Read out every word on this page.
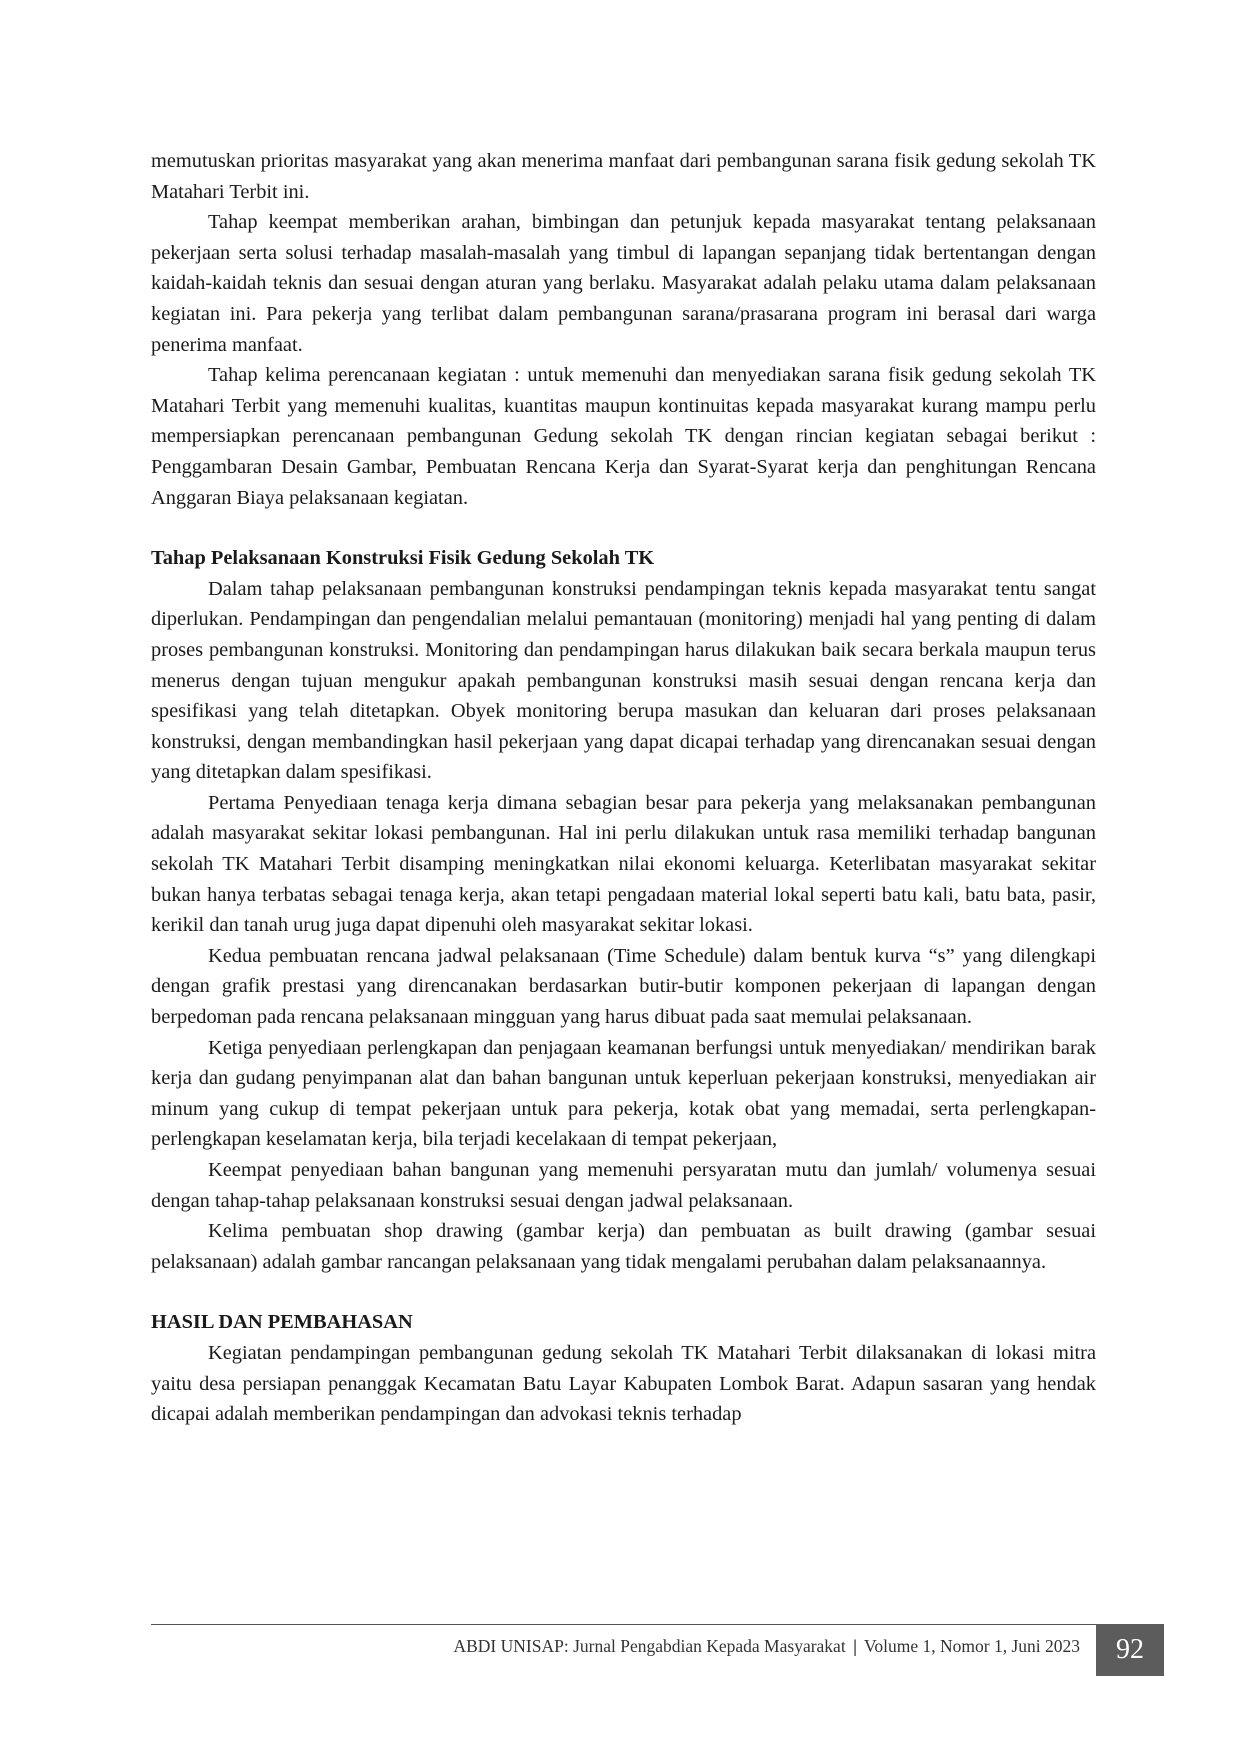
memutuskan prioritas masyarakat yang akan menerima manfaat dari pembangunan sarana fisik gedung sekolah TK Matahari Terbit ini.

Tahap keempat memberikan arahan, bimbingan dan petunjuk kepada masyarakat tentang pelaksanaan pekerjaan serta solusi terhadap masalah-masalah yang timbul di lapangan sepanjang tidak bertentangan dengan kaidah-kaidah teknis dan sesuai dengan aturan yang berlaku. Masyarakat adalah pelaku utama dalam pelaksanaan kegiatan ini. Para pekerja yang terlibat dalam pembangunan sarana/prasarana program ini berasal dari warga penerima manfaat.

Tahap kelima perencanaan kegiatan : untuk memenuhi dan menyediakan sarana fisik gedung sekolah TK Matahari Terbit yang memenuhi kualitas, kuantitas maupun kontinuitas kepada masyarakat kurang mampu perlu mempersiapkan perencanaan pembangunan Gedung sekolah TK dengan rincian kegiatan sebagai berikut : Penggambaran Desain Gambar, Pembuatan Rencana Kerja dan Syarat-Syarat kerja dan penghitungan Rencana Anggaran Biaya pelaksanaan kegiatan.

Tahap Pelaksanaan Konstruksi Fisik Gedung Sekolah TK

Dalam tahap pelaksanaan pembangunan konstruksi pendampingan teknis kepada masyarakat tentu sangat diperlukan. Pendampingan dan pengendalian melalui pemantauan (monitoring) menjadi hal yang penting di dalam proses pembangunan konstruksi. Monitoring dan pendampingan harus dilakukan baik secara berkala maupun terus menerus dengan tujuan mengukur apakah pembangunan konstruksi masih sesuai dengan rencana kerja dan spesifikasi yang telah ditetapkan. Obyek monitoring berupa masukan dan keluaran dari proses pelaksanaan konstruksi, dengan membandingkan hasil pekerjaan yang dapat dicapai terhadap yang direncanakan sesuai dengan yang ditetapkan dalam spesifikasi.

Pertama Penyediaan tenaga kerja dimana sebagian besar para pekerja yang melaksanakan pembangunan adalah masyarakat sekitar lokasi pembangunan. Hal ini perlu dilakukan untuk rasa memiliki terhadap bangunan sekolah TK Matahari Terbit disamping meningkatkan nilai ekonomi keluarga. Keterlibatan masyarakat sekitar bukan hanya terbatas sebagai tenaga kerja, akan tetapi pengadaan material lokal seperti batu kali, batu bata, pasir, kerikil dan tanah urug juga dapat dipenuhi oleh masyarakat sekitar lokasi.

Kedua pembuatan rencana jadwal pelaksanaan (Time Schedule) dalam bentuk kurva “s” yang dilengkapi dengan grafik prestasi yang direncanakan berdasarkan butir-butir komponen pekerjaan di lapangan dengan berpedoman pada rencana pelaksanaan mingguan yang harus dibuat pada saat memulai pelaksanaan.

Ketiga penyediaan perlengkapan dan penjagaan keamanan berfungsi untuk menyediakan/ mendirikan barak kerja dan gudang penyimpanan alat dan bahan bangunan untuk keperluan pekerjaan konstruksi, menyediakan air minum yang cukup di tempat pekerjaan untuk para pekerja, kotak obat yang memadai, serta perlengkapan-perlengkapan keselamatan kerja, bila terjadi kecelakaan di tempat pekerjaan,

Keempat penyediaan bahan bangunan yang memenuhi persyaratan mutu dan jumlah/ volumenya sesuai dengan tahap-tahap pelaksanaan konstruksi sesuai dengan jadwal pelaksanaan.

Kelima pembuatan shop drawing (gambar kerja) dan pembuatan as built drawing (gambar sesuai pelaksanaan) adalah gambar rancangan pelaksanaan yang tidak mengalami perubahan dalam pelaksanaannya.

HASIL DAN PEMBAHASAN

Kegiatan pendampingan pembangunan gedung sekolah TK Matahari Terbit dilaksanakan di lokasi mitra yaitu desa persiapan penanggak Kecamatan Batu Layar Kabupaten Lombok Barat. Adapun sasaran yang hendak dicapai adalah memberikan pendampingan dan advokasi teknis terhadap

ABDI UNISAP: Jurnal Pengabdian Kepada Masyarakat | Volume 1, Nomor 1, Juni 2023 92
